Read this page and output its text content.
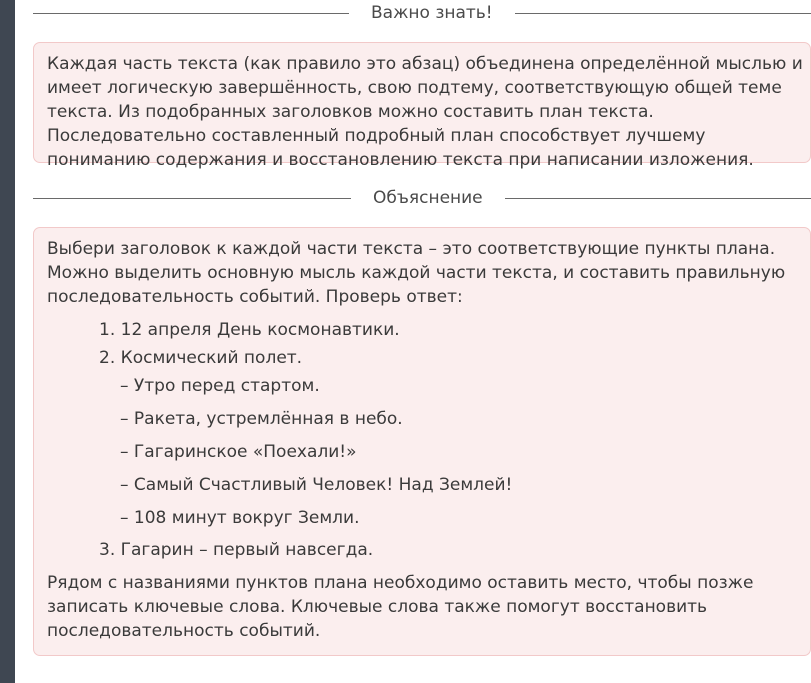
Важно знать!
Каждая часть текста (как правило это абзац) объединена определённой мыслью и имеет логическую завершённость, свою подтему, соответствующую общей теме текста. Из подобранных заголовков можно составить план текста. Последовательно составленный подробный план способствует лучшему пониманию содержания и восстановлению текста при написании изложения.
Объяснение

Выбери заголовок к каждой части текста – это соответствующие пункты плана. Можно выделить основную мысль каждой части текста, и составить правильную последовательность событий. Проверь ответ:

1. 12 апреля День космонавтики.
2. Космический полет.
– Утро перед стартом.
– Ракета, устремлённая в небо.
– Гагаринское «Поехали!»
– Самый Счастливый Человек! Над Землей!
– 108 минут вокруг Земли.
3. Гагарин – первый навсегда.

Рядом с названиями пунктов плана необходимо оставить место, чтобы позже записать ключевые слова. Ключевые слова также помогут восстановить последовательность событий.
